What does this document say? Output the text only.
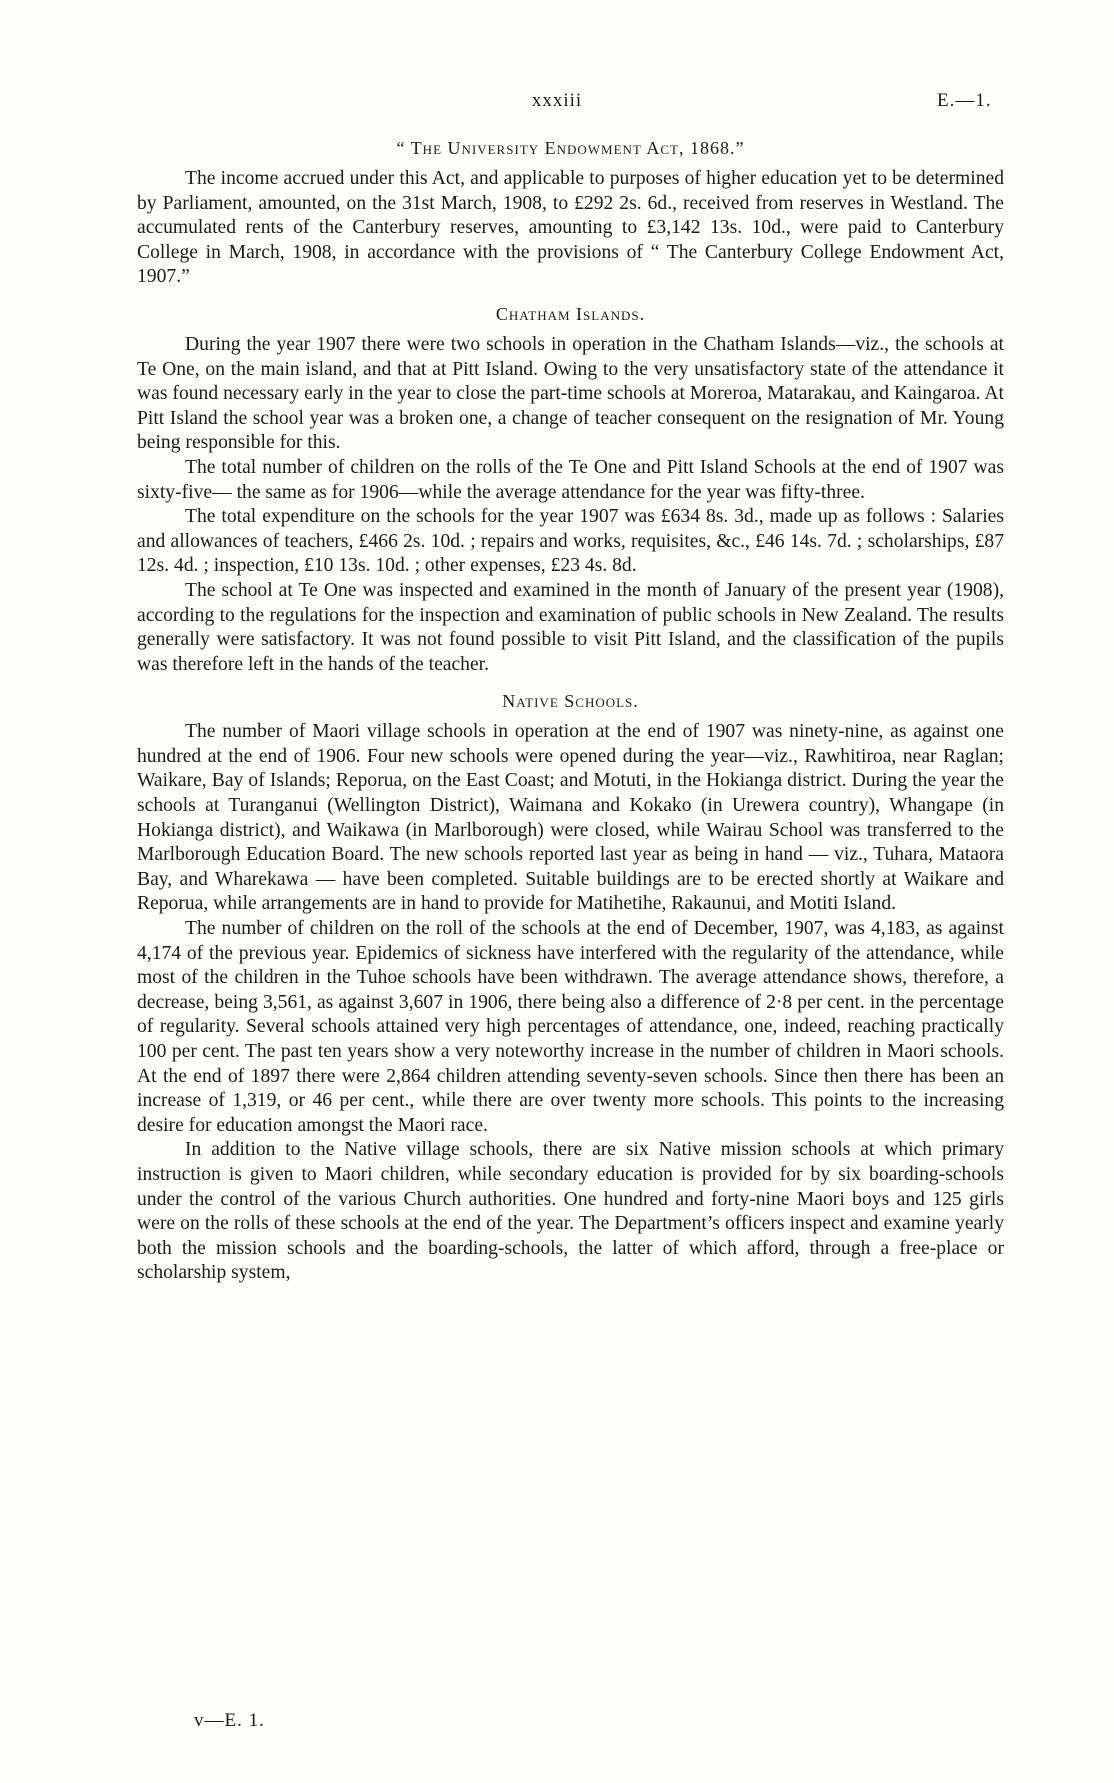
xxxiii	E.—1.
“ The University Endowment Act, 1868.”

The income accrued under this Act, and applicable to purposes of higher education yet to be determined by Parliament, amounted, on the 31st March, 1908, to £292 2s. 6d., received from reserves in Westland. The accumulated rents of the Canterbury reserves, amounting to £3,142 13s. 10d., were paid to Canterbury College in March, 1908, in accordance with the provisions of “ The Canterbury College Endowment Act, 1907.”

Chatham Islands.

During the year 1907 there were two schools in operation in the Chatham Islands—viz., the schools at Te One, on the main island, and that at Pitt Island. Owing to the very unsatisfactory state of the attendance it was found necessary early in the year to close the part-time schools at Moreroa, Matarakau, and Kaingaroa. At Pitt Island the school year was a broken one, a change of teacher consequent on the resignation of Mr. Young being responsible for this.

The total number of children on the rolls of the Te One and Pitt Island Schools at the end of 1907 was sixty-five— the same as for 1906—while the average attendance for the year was fifty-three.

The total expenditure on the schools for the year 1907 was £634 8s. 3d., made up as follows : Salaries and allowances of teachers, £466 2s. 10d. ; repairs and works, requisites, &c., £46 14s. 7d. ; scholarships, £87 12s. 4d. ; inspection, £10 13s. 10d. ; other expenses, £23 4s. 8d.

The school at Te One was inspected and examined in the month of January of the present year (1908), according to the regulations for the inspection and examination of public schools in New Zealand. The results generally were satisfactory. It was not found possible to visit Pitt Island, and the classification of the pupils was therefore left in the hands of the teacher.

Native Schools.

The number of Maori village schools in operation at the end of 1907 was ninety-nine, as against one hundred at the end of 1906. Four new schools were opened during the year—viz., Rawhitiroa, near Raglan; Waikare, Bay of Islands; Reporua, on the East Coast; and Motuti, in the Hokianga district. During the year the schools at Turanganui (Wellington District), Waimana and Kokako (in Urewera country), Whangape (in Hokianga district), and Waikawa (in Marlborough) were closed, while Wairau School was transferred to the Marlborough Education Board. The new schools reported last year as being in hand — viz., Tuhara, Mataora Bay, and Wharekawa — have been completed. Suitable buildings are to be erected shortly at Waikare and Reporua, while arrangements are in hand to provide for Matihetihe, Rakaunui, and Motiti Island.

The number of children on the roll of the schools at the end of December, 1907, was 4,183, as against 4,174 of the previous year. Epidemics of sickness have interfered with the regularity of the attendance, while most of the children in the Tuhoe schools have been withdrawn. The average attendance shows, therefore, a decrease, being 3,561, as against 3,607 in 1906, there being also a difference of 2·8 per cent. in the percentage of regularity. Several schools attained very high percentages of attendance, one, indeed, reaching practically 100 per cent. The past ten years show a very noteworthy increase in the number of children in Maori schools. At the end of 1897 there were 2,864 children attending seventy-seven schools. Since then there has been an increase of 1,319, or 46 per cent., while there are over twenty more schools. This points to the increasing desire for education amongst the Maori race.

In addition to the Native village schools, there are six Native mission schools at which primary instruction is given to Maori children, while secondary education is provided for by six boarding-schools under the control of the various Church authorities. One hundred and forty-nine Maori boys and 125 girls were on the rolls of these schools at the end of the year. The Department’s officers inspect and examine yearly both the mission schools and the boarding-schools, the latter of which afford, through a free-place or scholarship system,

v—E. 1.
